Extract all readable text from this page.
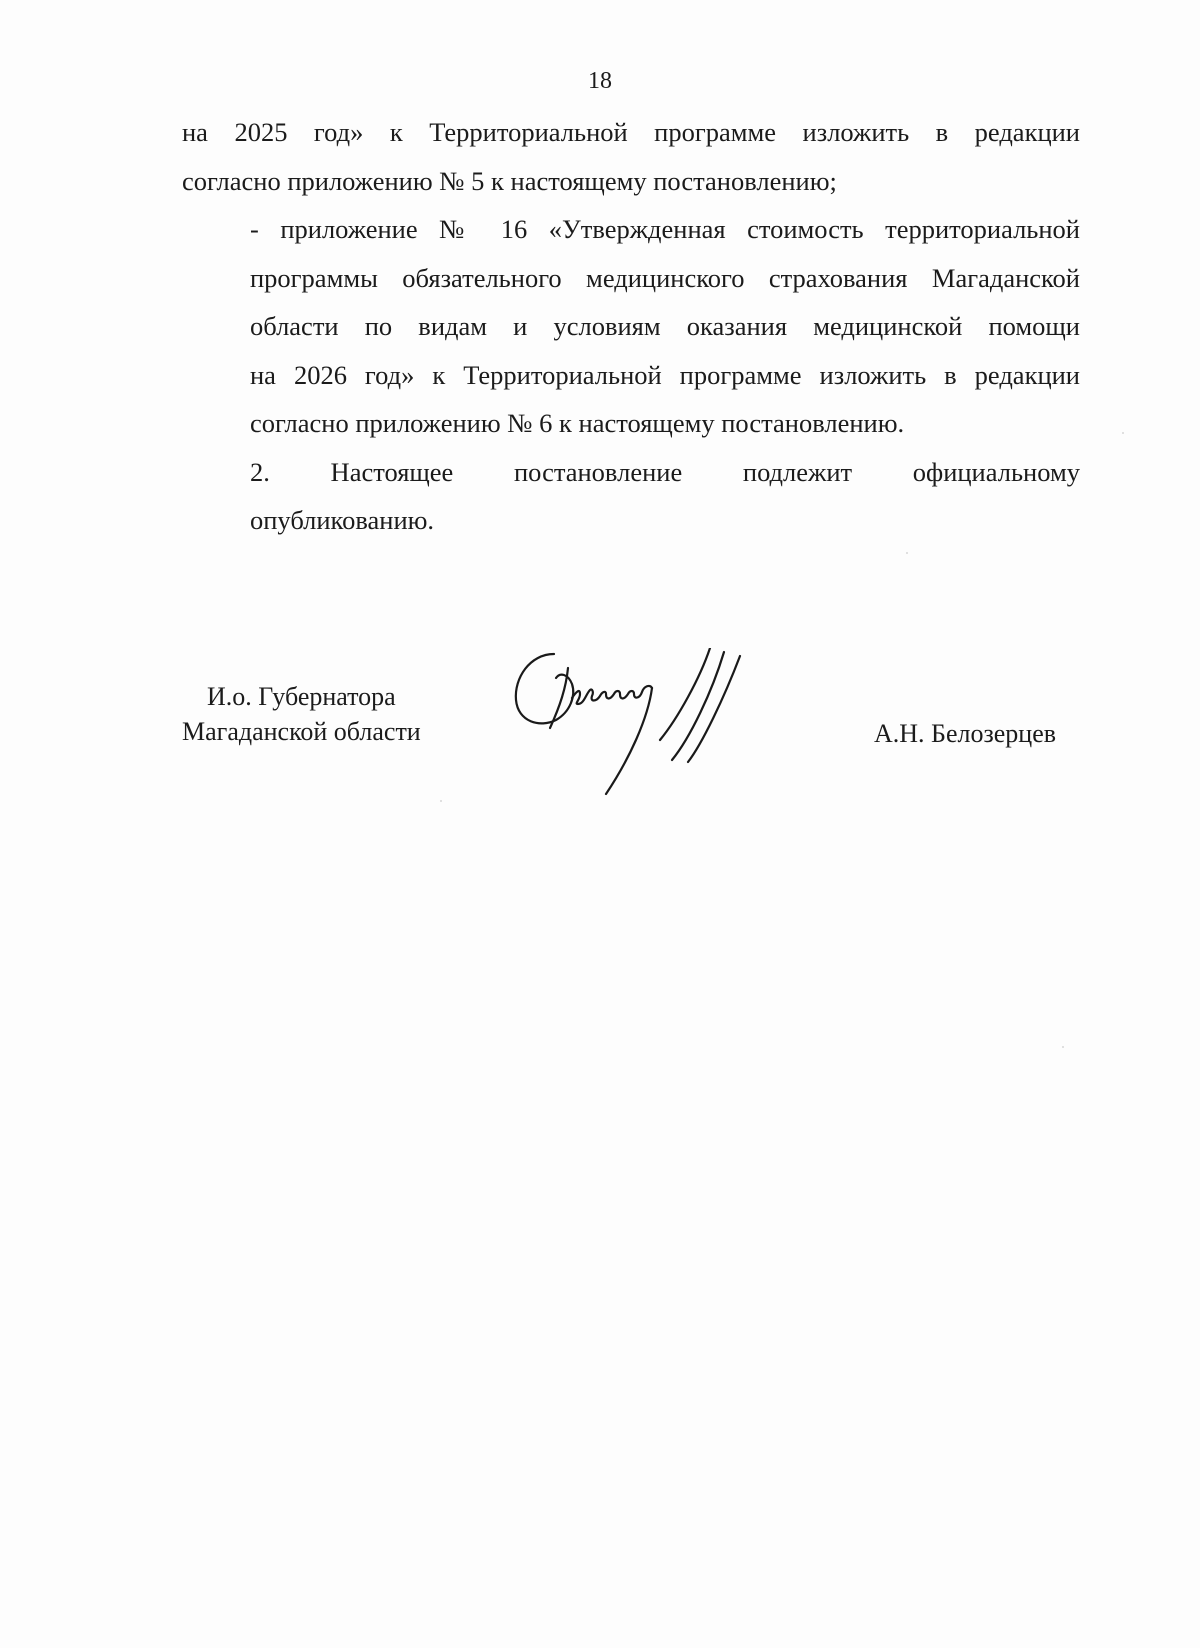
18

на 2025 год» к Территориальной программе изложить в редакции
согласно приложению № 5 к настоящему постановлению;

- приложение № 16 «Утвержденная стоимость территориальной
программы обязательного медицинского страхования Магаданской
области по видам и условиям оказания медицинской помощи
на 2026 год» к Территориальной программе изложить в редакции
согласно приложению № 6 к настоящему постановлению.

2. Настоящее постановление подлежит официальному
опубликованию.

И.о. Губернатора
Магаданской области	А.Н. Белозерцев
